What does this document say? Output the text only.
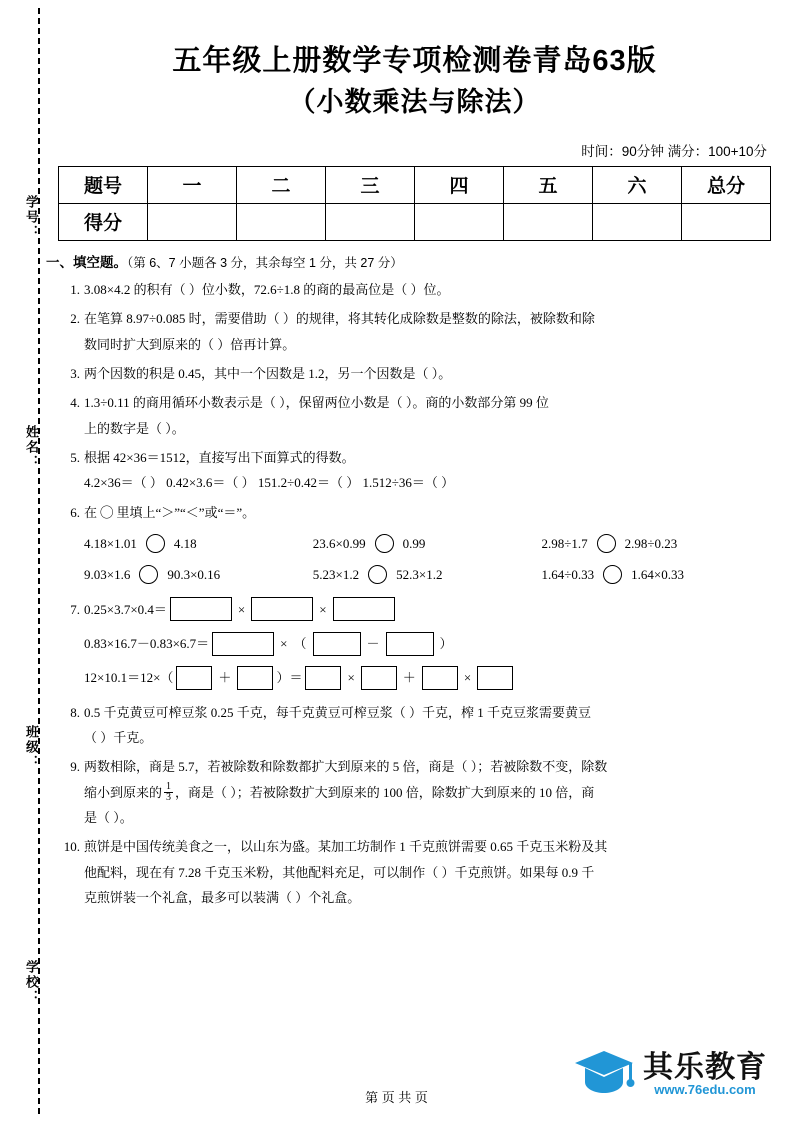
学号：
姓名：
班级：
学校：
五年级上册数学专项检测卷青岛63版
（小数乘法与除法）
时间：90分钟 满分：100+10分
题号	一	二	三	四	五	六	总分
得分							
一、填空题。（第 6、7 小题各 3 分，其余每空 1 分，共 27 分）
1. 3.08×4.2 的积有（ ）位小数，72.6÷1.8 的商的最高位是（ ）位。
2. 在笔算 8.97÷0.085 时，需要借助（ ）的规律，将其转化成除数是整数的除法，被除数和除
数同时扩大到原来的（ ）倍再计算。
3. 两个因数的积是 0.45，其中一个因数是 1.2，另一个因数是（ ）。
4. 1.3÷0.11 的商用循环小数表示是（ ），保留两位小数是（ ）。商的小数部分第 99 位
上的数字是（ ）。
5. 根据 42×36＝1512，直接写出下面算式的得数。
4.2×36＝（ ） 0.42×3.6＝（ ） 151.2÷0.42＝（ ） 1.512÷36＝（ ）
6. 在 ◯ 里填上“＞”“＜”或“＝”。
4.18×1.01	4.18	23.6×0.99	0.99	2.98÷1.7	2.98÷0.23
9.03×1.6	90.3×0.16	5.23×1.2	52.3×1.2	1.64÷0.33	1.64×0.33
7. 0.25×3.7×0.4＝	×	×
0.83×16.7－0.83×6.7＝	× （	－	）
12×10.1＝12×（	＋	）＝	×	＋	×
8. 0.5 千克黄豆可榨豆浆 0.25 千克，每千克黄豆可榨豆浆（ ）千克，榨 1 千克豆浆需要黄豆
（ ）千克。
9. 两数相除，商是 5.7，若被除数和除数都扩大到原来的 5 倍，商是（ ）；若被除数不变，除数
缩小到原来的 $\frac{1}{3}$ ，商是（ ）；若被除数扩大到原来的 100 倍，除数扩大到原来的 10 倍，商
是（ ）。
10. 煎饼是中国传统美食之一，以山东为盛。某加工坊制作 1 千克煎饼需要 0.65 千克玉米粉及其
他配料，现在有 7.28 千克玉米粉，其他配料充足，可以制作（ ）千克煎饼。如果每 0.9 千
克煎饼装一个礼盒，最多可以装满（ ）个礼盒。
第 页 共 页
其乐教育
www.76edu.com
